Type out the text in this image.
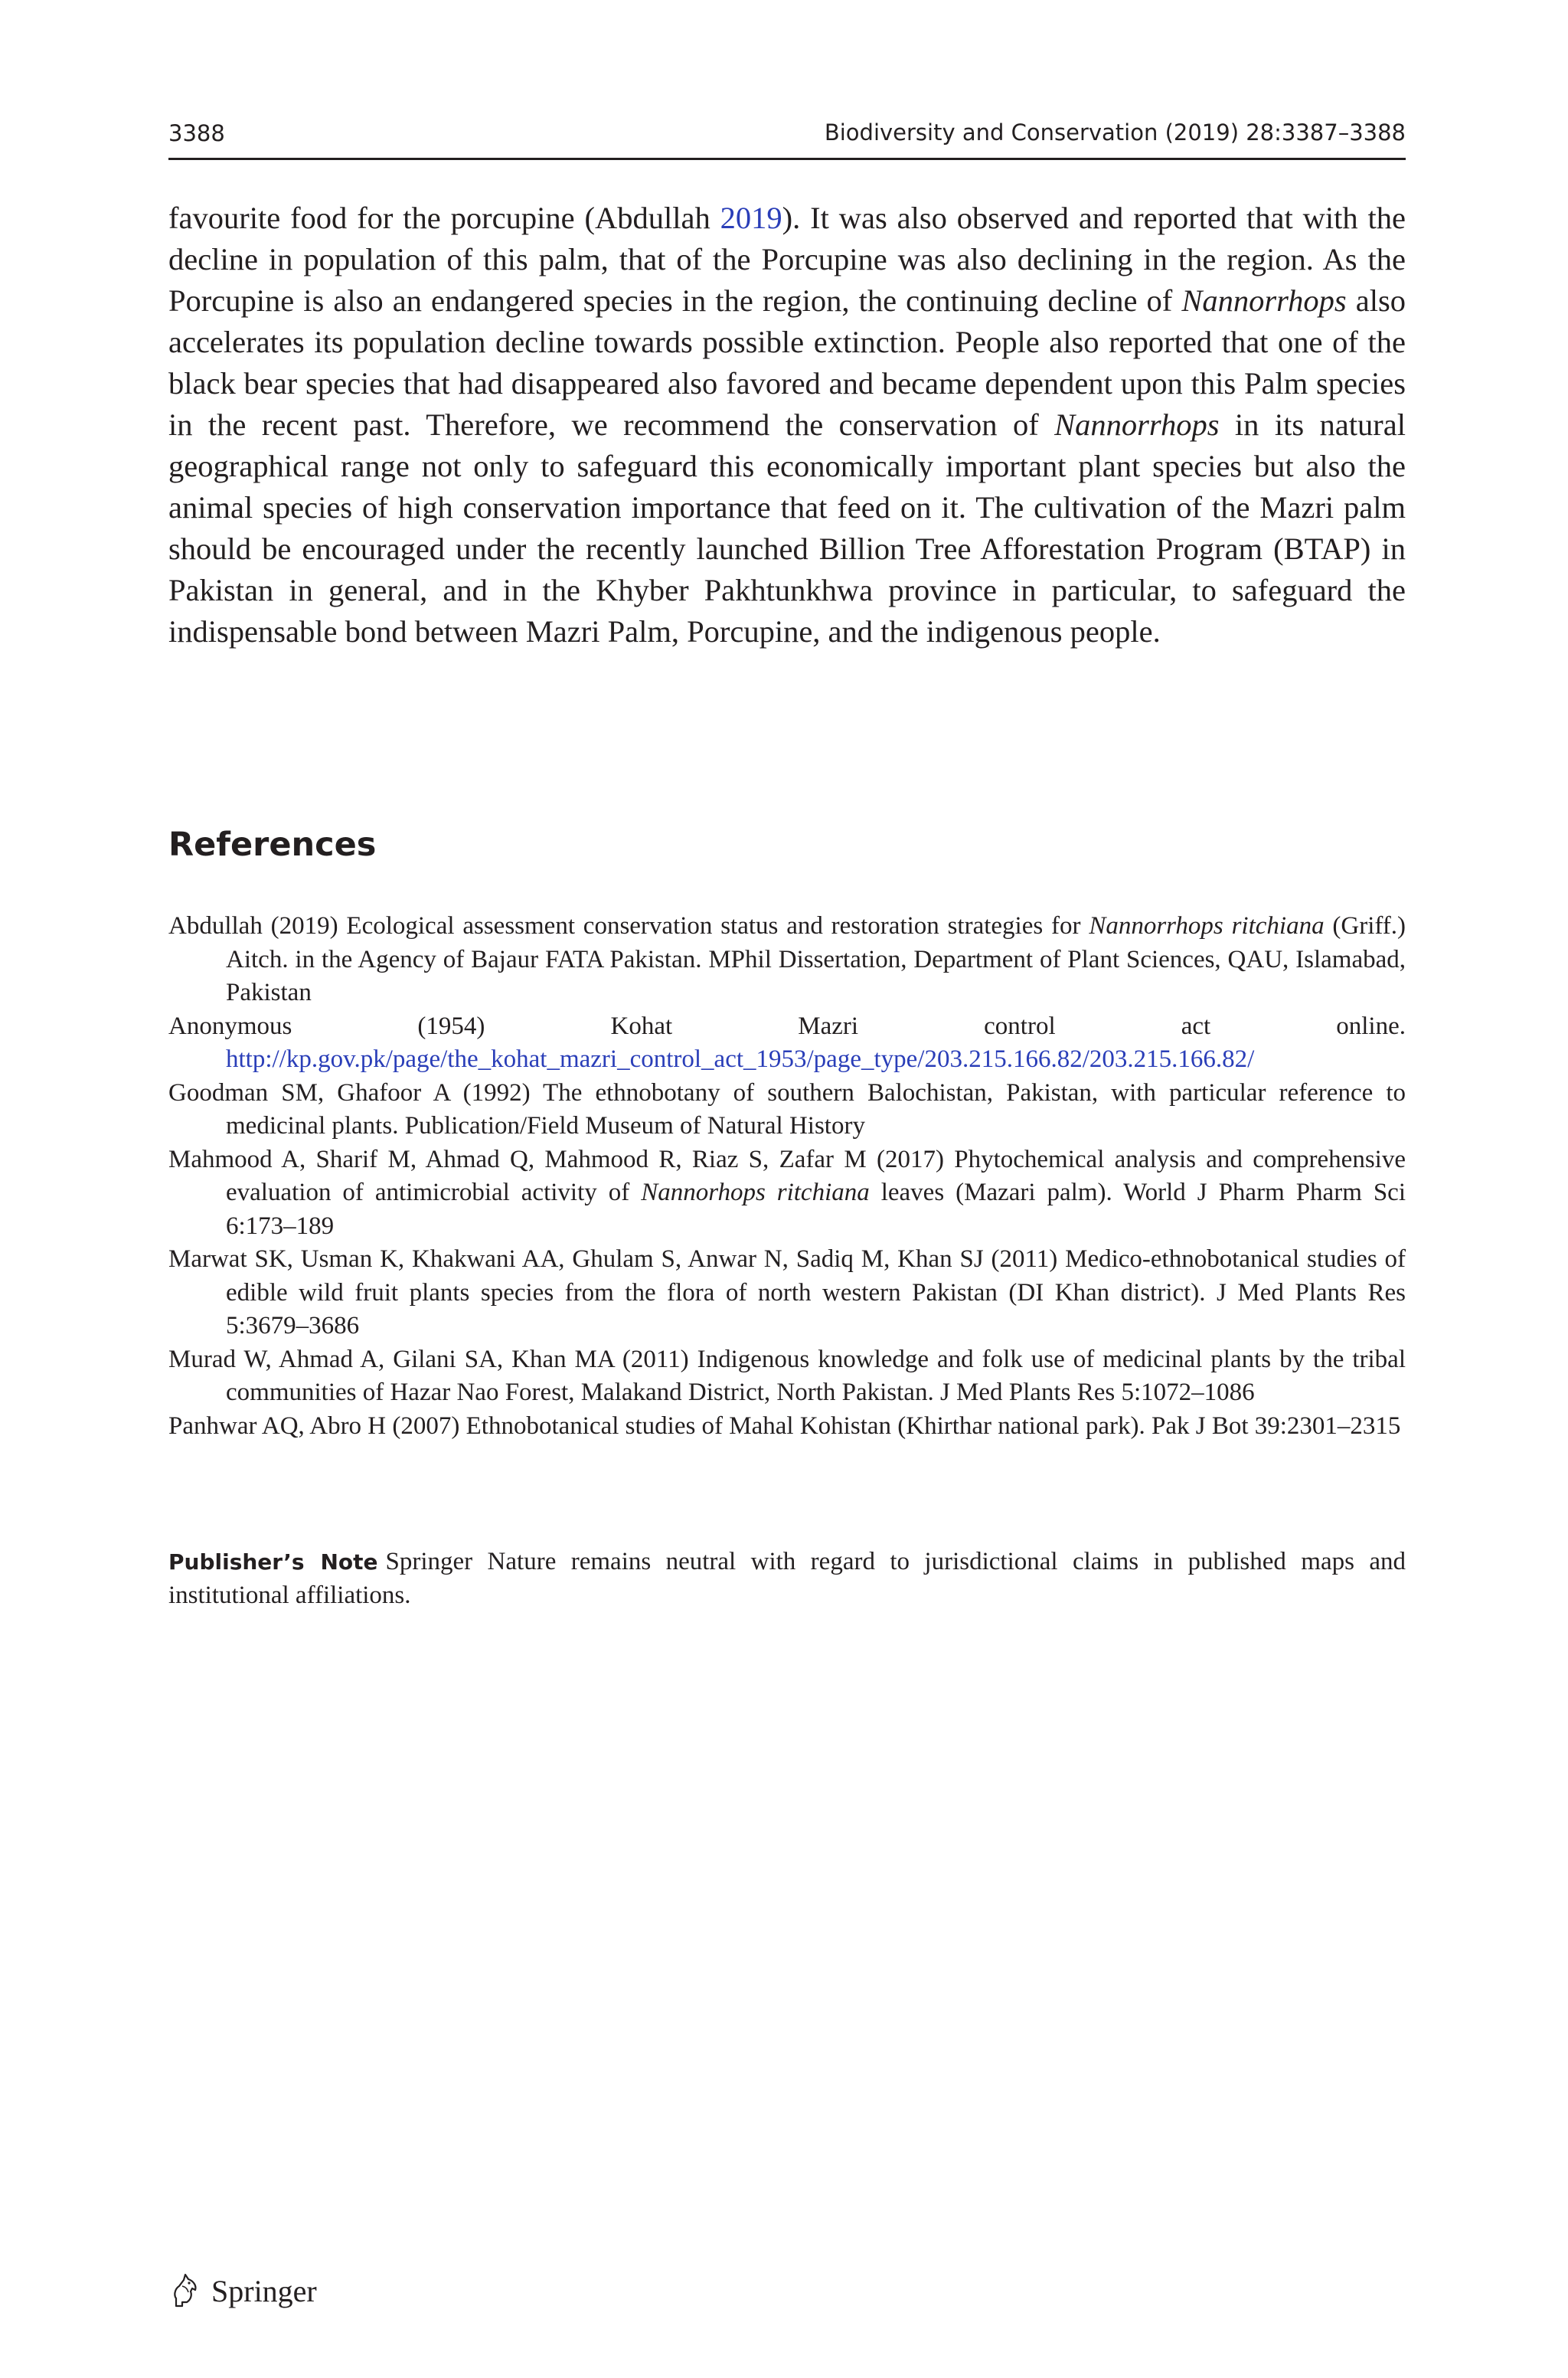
3388	Biodiversity and Conservation (2019) 28:3387–3388

favourite food for the porcupine (Abdullah 2019). It was also observed and reported that with the decline in population of this palm, that of the Porcupine was also declining in the region. As the Porcupine is also an endangered species in the region, the continuing decline of Nannorrhops also accelerates its population decline towards possible extinction. People also reported that one of the black bear species that had disappeared also favored and became dependent upon this Palm species in the recent past. Therefore, we recommend the conservation of Nannorrhops in its natural geographical range not only to safeguard this economically important plant species but also the animal species of high conservation importance that feed on it. The cultivation of the Mazri palm should be encouraged under the recently launched Billion Tree Afforestation Program (BTAP) in Pakistan in general, and in the Khyber Pakhtunkhwa province in particular, to safeguard the indispensable bond between Mazri Palm, Porcupine, and the indigenous people.

References
Abdullah (2019) Ecological assessment conservation status and restoration strategies for Nannorrhops ritchiana (Griff.) Aitch. in the Agency of Bajaur FATA Pakistan. MPhil Dissertation, Department of Plant Sciences, QAU, Islamabad, Pakistan
Anonymous (1954) Kohat Mazri control act online. http://kp.gov.pk/page/the_kohat_mazri_control_act_1953/page_type/203.215.166.82/203.215.166.82/
Goodman SM, Ghafoor A (1992) The ethnobotany of southern Balochistan, Pakistan, with particular reference to medicinal plants. Publication/Field Museum of Natural History
Mahmood A, Sharif M, Ahmad Q, Mahmood R, Riaz S, Zafar M (2017) Phytochemical analysis and comprehensive evaluation of antimicrobial activity of Nannorhops ritchiana leaves (Mazari palm). World J Pharm Pharm Sci 6:173–189
Marwat SK, Usman K, Khakwani AA, Ghulam S, Anwar N, Sadiq M, Khan SJ (2011) Medico-ethnobotanical studies of edible wild fruit plants species from the flora of north western Pakistan (DI Khan district). J Med Plants Res 5:3679–3686
Murad W, Ahmad A, Gilani SA, Khan MA (2011) Indigenous knowledge and folk use of medicinal plants by the tribal communities of Hazar Nao Forest, Malakand District, North Pakistan. J Med Plants Res 5:1072–1086
Panhwar AQ, Abro H (2007) Ethnobotanical studies of Mahal Kohistan (Khirthar national park). Pak J Bot 39:2301–2315

Publisher’s Note Springer Nature remains neutral with regard to jurisdictional claims in published maps and institutional affiliations.

Springer
